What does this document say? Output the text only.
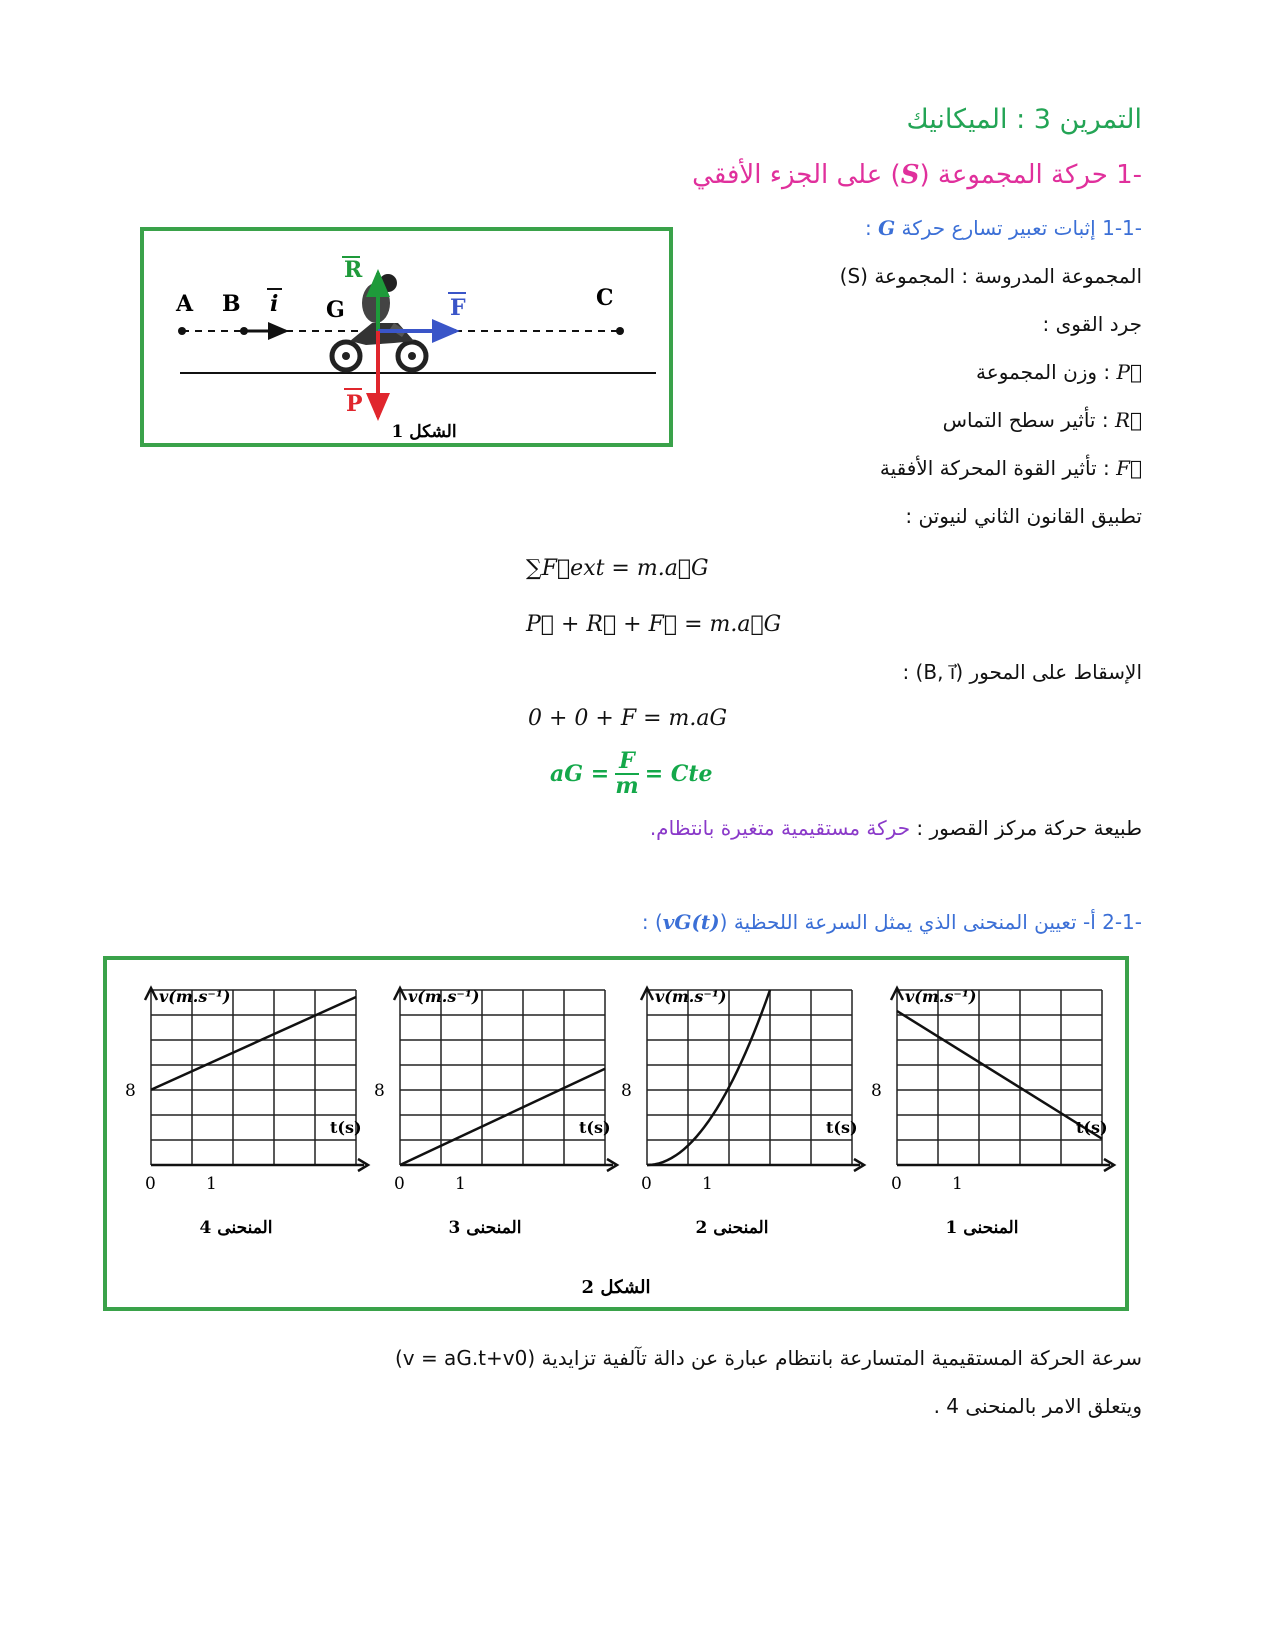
التمرين 3 : الميكانيك
-1 حركة المجموعة (S) على الجزء الأفقي
-1-1 إثبات تعبير تسارع حركة G :
المجموعة المدروسة : المجموعة (S)
جرد القوى :
P⃗ : وزن المجموعة
R⃗ : تأثير سطح التماس
F⃗ : تأثير القوة المحركة الأفقية
تطبيق القانون الثاني لنيوتن :
∑F⃗ext = m.a⃗G
P⃗ + R⃗ + F⃗ = m.a⃗G
الإسقاط على المحور (B, i⃗) :
0 + 0 + F = m.aG
aG = $\frac{F}{m}$ = Cte
طبيعة حركة مركز القصور : حركة مستقيمية متغيرة بانتظام.
-2-1 أ- تعيين المنحنى الذي يمثل السرعة اللحظية (vG(t)) :
سرعة الحركة المستقيمية المتسارعة بانتظام عبارة عن دالة تآلفية تزايدية (v = aG.t+v0)
ويتعلق الامر بالمنحنى 4 .
A B	G	C
i
R
F
P
الشكل 1
الشكل 2
v(m.s⁻¹)
t(s)
8
0	1
المنحنى 4
v(m.s⁻¹)
t(s)
8
0	1
المنحنى 3
v(m.s⁻¹)
t(s)
8
0	1
المنحنى 2
v(m.s⁻¹)
t(s)
8
0	1
المنحنى 1
